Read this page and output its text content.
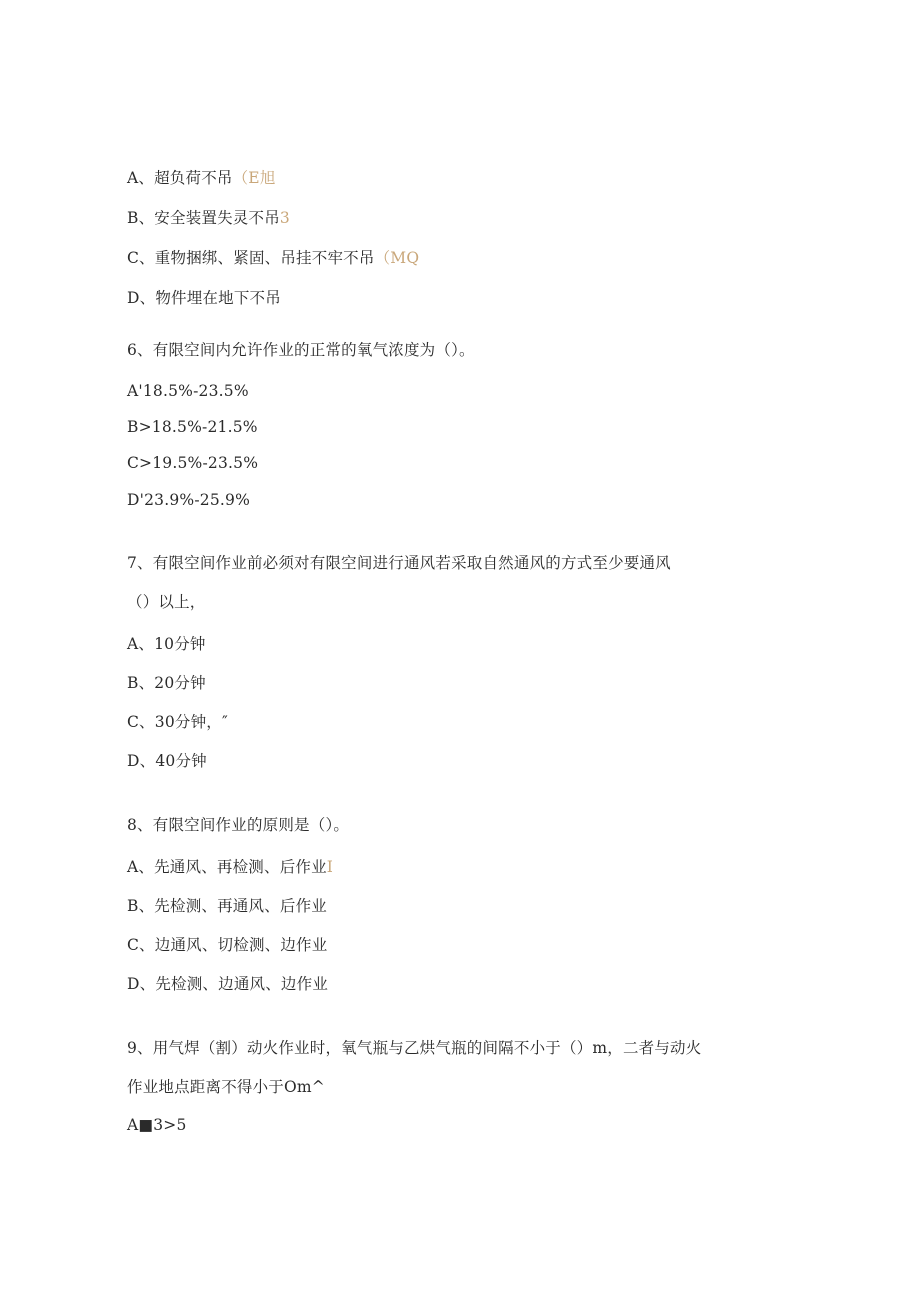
A、超负荷不吊（E旭
B、安全装置失灵不吊3
C、重物捆绑、紧固、吊挂不牢不吊（MQ
D、物件埋在地下不吊
6、有限空间内允许作业的正常的氧气浓度为（）。
A'18.5%-23.5%
B>18.5%-21.5%
C>19.5%-23.5%
D'23.9%-25.9%
7、有限空间作业前必须对有限空间进行通风若采取自然通风的方式至少要通风
（）以上，
A、10分钟
B、20分钟
C、30分钟，″
D、40分钟
8、有限空间作业的原则是（）。
A、先通风、再检测、后作业I
B、先检测、再通风、后作业
C、边通风、切检测、边作业
D、先检测、边通风、边作业
9、用气焊（割）动火作业时，氧气瓶与乙烘气瓶的间隔不小于（）m，二者与动火
作业地点距离不得小于Om^
A■3>5
